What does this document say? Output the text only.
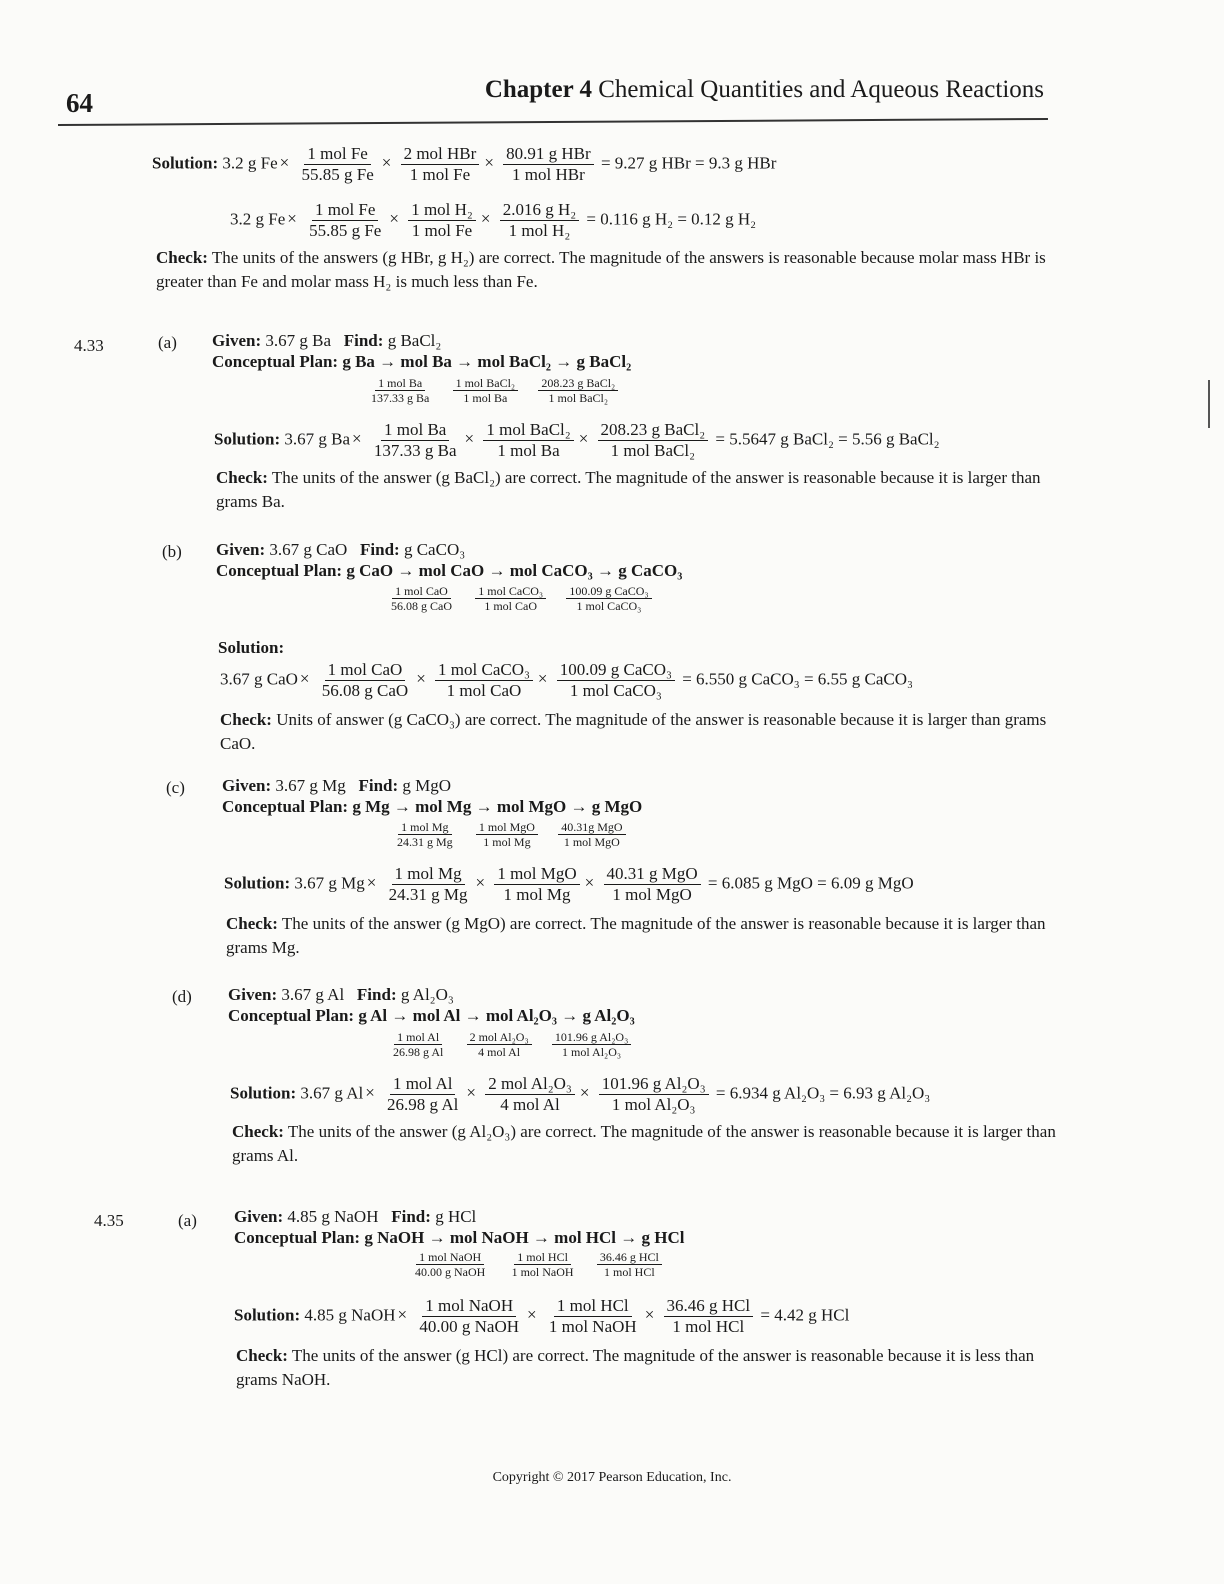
64	Chapter 4 Chemical Quantities and Aqueous Reactions
Solution: 3.2 g $Fe \times \frac{\text{1 mol Fe}}{\text{55.85 g Fe}} \times \frac{\text{2 mol HBr}}{\text{1 mol Fe}} \times \frac{\text{80.91 g HBr}}{\text{1 mol HBr}} = 9.27$ g HBr = 9.3 g HBr
3.2 g $Fe \times \frac{\text{1 mol Fe}}{\text{55.85 g Fe}} \times \frac{\text{1 mol H₂}}{\text{1 mol Fe}} \times \frac{\text{2.016 g H₂}}{\text{1 mol H₂}} = 0.116$ g H₂ = 0.12 g H₂
Check: The units of the answers (g HBr, g H₂) are correct. The magnitude of the answers is reasonable because molar mass HBr is greater than Fe and molar mass H₂ is much less than Fe.
4.33	(a) Given: 3.67 g Ba Find: g BaCl₂
Conceptual Plan: g Ba → mol Ba → mol BaCl₂ → g BaCl₂
$\frac{\text{1 mol Ba}}{\text{137.33 g Ba}}$
$\frac{\text{1 mol BaCl₂}}{\text{1 mol Ba}}$
$\frac{\text{208.23 g BaCl₂}}{\text{1 mol BaCl₂}}$
Solution: 3.67 g $Ba \times \frac{\text{1 mol Ba}}{\text{137.33 g Ba}} \times \frac{\text{1 mol BaCl₂}}{\text{1 mol Ba}} \times \frac{\text{208.23 g BaCl₂}}{\text{1 mol BaCl₂}} = 5.5647$ g BaCl₂ = 5.56 g BaCl₂
Check: The units of the answer (g BaCl₂) are correct. The magnitude of the answer is reasonable because it is larger than grams Ba.
(b) Given: 3.67 g CaO Find: g CaCO₃
Conceptual Plan: g CaO → mol CaO → mol CaCO₃ → g CaCO₃
$\frac{\text{1 mol CaO}}{\text{56.08 g CaO}}$
$\frac{\text{1 mol CaCO₃}}{\text{1 mol CaO}}$
$\frac{\text{100.09 g CaCO₃}}{\text{1 mol CaCO₃}}$
Solution:
3.67 g CaO × $\frac{\text{1 mol CaO}}{\text{56.08 g CaO}} \times \frac{\text{1 mol CaCO₃}}{\text{1 mol CaO}} \times \frac{\text{100.09 g CaCO₃}}{\text{1 mol CaCO₃}} = 6.550$ g CaCO₃ = 6.55 g CaCO₃
Check: Units of answer (g CaCO₃) are correct. The magnitude of the answer is reasonable because it is larger than grams CaO.
(c) Given: 3.67 g Mg Find: g MgO
Conceptual Plan: g Mg → mol Mg → mol MgO → g MgO
$\frac{\text{1 mol Mg}}{\text{24.31 g Mg}}$
$\frac{\text{1 mol MgO}}{\text{1 mol Mg}}$
$\frac{\text{40.31g MgO}}{\text{1 mol MgO}}$
Solution: 3.67 g $Mg \times \frac{\text{1 mol Mg}}{\text{24.31 g Mg}} \times \frac{\text{1 mol MgO}}{\text{1 mol Mg}} \times \frac{\text{40.31 g MgO}}{\text{1 mol MgO}} = 6.085$ g MgO = 6.09 g MgO
Check: The units of the answer (g MgO) are correct. The magnitude of the answer is reasonable because it is larger than grams Mg.
(d) Given: 3.67 g Al Find: g Al₂O₃
Conceptual Plan: g Al → mol Al → mol Al₂O₃ → g Al₂O₃
$\frac{\text{1 mol Al}}{\text{26.98 g Al}}$
$\frac{\text{2 mol Al₂O₃}}{\text{4 mol Al}}$
$\frac{\text{101.96 g Al₂O₃}}{\text{1 mol Al₂O₃}}$
Solution: 3.67 g $Al \times \frac{\text{1 mol Al}}{\text{26.98 g Al}} \times \frac{\text{2 mol Al₂O₃}}{\text{4 mol Al}} \times \frac{\text{101.96 g Al₂O₃}}{\text{1 mol Al₂O₃}} = 6.934$ g Al₂O₃ = 6.93 g Al₂O₃
Check: The units of the answer (g Al₂O₃) are correct. The magnitude of the answer is reasonable because it is larger than grams Al.
4.35	(a) Given: 4.85 g NaOH Find: g HCl
Conceptual Plan: g NaOH → mol NaOH → mol HCl → g HCl
$\frac{\text{1 mol NaOH}}{\text{40.00 g NaOH}}$
$\frac{\text{1 mol HCl}}{\text{1 mol NaOH}}$
$\frac{\text{36.46 g HCl}}{\text{1 mol HCl}}$
Solution: 4.85 g NaOH × $\frac{\text{1 mol NaOH}}{\text{40.00 g NaOH}} \times \frac{\text{1 mol HCl}}{\text{1 mol NaOH}} \times \frac{\text{36.46 g HCl}}{\text{1 mol HCl}} = 4.42$ g HCl
Check: The units of the answer (g HCl) are correct. The magnitude of the answer is reasonable because it is less than grams NaOH.
Copyright © 2017 Pearson Education, Inc.
